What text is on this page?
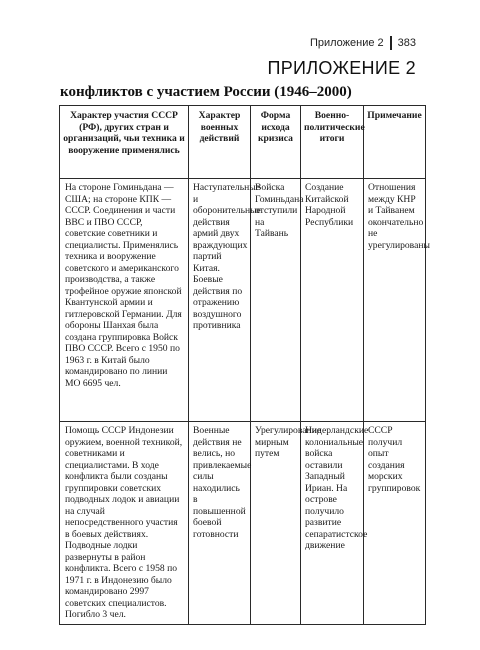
Приложение 2 383
ПРИЛОЖЕНИЕ 2
конфликтов с участием России (1946–2000)
Характер участия СССР (РФ), других стран и организаций, чьи техника и вооружение применялись	Характер военных действий	Форма исхода кризиса	Военно-политические итоги	Примечание
На стороне Гоминьдана — США; на стороне КПК — СССР. Соединения и части ВВС и ПВО СССР, советские советники и специалисты. Применялись техника и вооружение советского и американского производства, а также трофейное оружие японской Квантунской армии и гитлеровской Германии. Для обороны Шанхая была создана группировка Войск ПВО СССР. Всего с 1950 по 1963 г. в Китай было командировано по линии МО 6695 чел.	Наступательные и оборонительные действия армий двух враждующих партий Китая. Боевые действия по отражению воздушного противника	Войска Гоминьдана отступили на Тайвань	Создание Китайской Народной Республики	Отношения между КНР и Тайванем окончательно не урегулированы
Помощь СССР Индонезии оружием, военной техникой, советниками и специалистами. В ходе конфликта были созданы группировки советских подводных лодок и авиации на случай непосредственного участия в боевых действиях. Подводные лодки развернуты в район конфликта. Всего с 1958 по 1971 г. в Индонезию было командировано 2997 советских специалистов. Погибло 3 чел.	Военные действия не велись, но привлекаемые силы находились в повышенной боевой готовности	Урегулирование мирным путем	Нидерландские колониальные войска оставили Западный Ириан. На острове получило развитие сепаратистское движение	СССР получил опыт создания морских группировок
